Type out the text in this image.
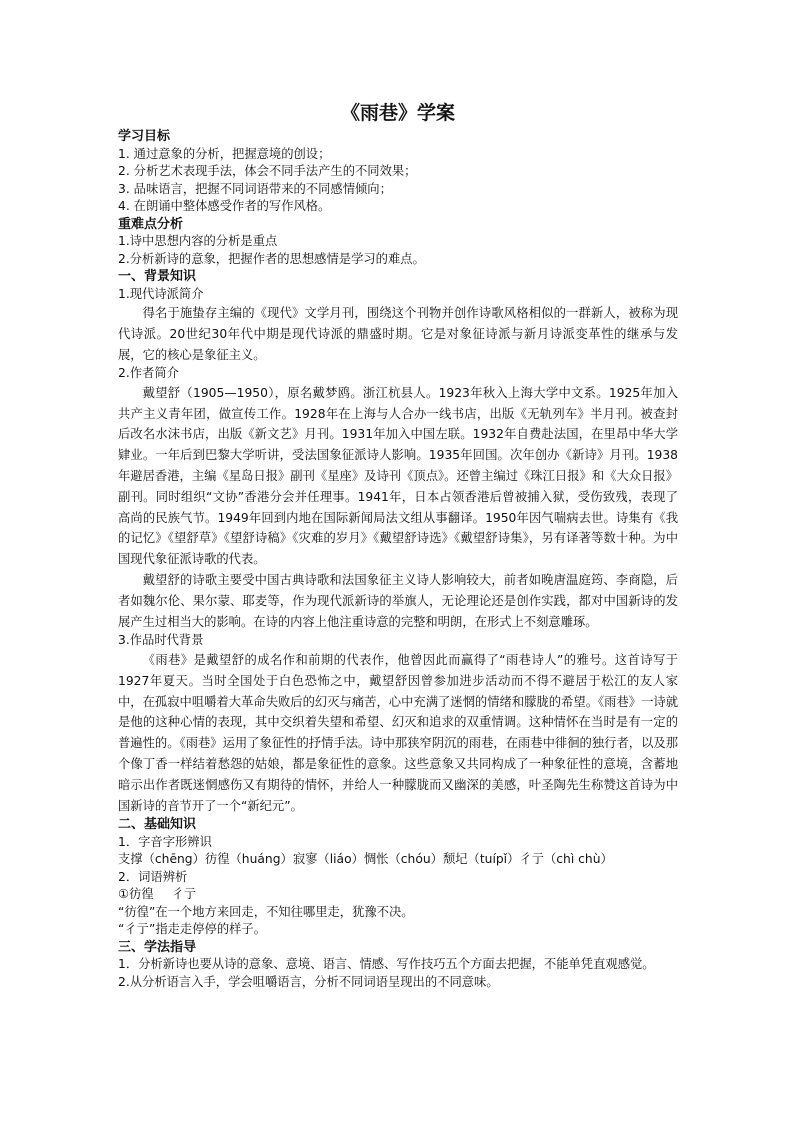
《雨巷》学案
学习目标
1. 通过意象的分析，把握意境的创设；
2. 分析艺术表现手法，体会不同手法产生的不同效果；
3. 品味语言，把握不同词语带来的不同感情倾向；
4. 在朗诵中整体感受作者的写作风格。
重难点分析
1.诗中思想内容的分析是重点
2.分析新诗的意象，把握作者的思想感情是学习的难点。
一、背景知识
1.现代诗派简介
得名于施蛰存主编的《现代》文学月刊，围绕这个刊物并创作诗歌风格相似的一群新人，被称为现代诗派。20世纪30年代中期是现代诗派的鼎盛时期。它是对象征诗派与新月诗派变革性的继承与发展，它的核心是象征主义。
2.作者简介
戴望舒（1905—1950），原名戴梦鸥。浙江杭县人。1923年秋入上海大学中文系。1925年加入共产主义青年团，做宣传工作。1928年在上海与人合办一线书店，出版《无轨列车》半月刊。被查封后改名水沫书店，出版《新文艺》月刊。1931年加入中国左联。1932年自费赴法国，在里昂中华大学肄业。一年后到巴黎大学听讲，受法国象征派诗人影响。1935年回国。次年创办《新诗》月刊。1938年避居香港，主编《星岛日报》副刊《星座》及诗刊《顶点》。还曾主编过《珠江日报》和《大众日报》副刊。同时组织“文协”香港分会并任理事。1941年，日本占领香港后曾被捕入狱，受伤致残，表现了高尚的民族气节。1949年回到内地在国际新闻局法文组从事翻译。1950年因气喘病去世。诗集有《我的记忆》《望舒草》《望舒诗稿》《灾难的岁月》《戴望舒诗选》《戴望舒诗集》，另有译著等数十种。为中国现代象征派诗歌的代表。
戴望舒的诗歌主要受中国古典诗歌和法国象征主义诗人影响较大，前者如晚唐温庭筠、李商隐，后者如魏尔伦、果尔蒙、耶麦等，作为现代派新诗的举旗人，无论理论还是创作实践，都对中国新诗的发展产生过相当大的影响。在诗的内容上他注重诗意的完整和明朗，在形式上不刻意雕琢。
3.作品时代背景
《雨巷》是戴望舒的成名作和前期的代表作，他曾因此而赢得了“雨巷诗人”的雅号。这首诗写于1927年夏天。当时全国处于白色恐怖之中，戴望舒因曾参加进步活动而不得不避居于松江的友人家中，在孤寂中咀嚼着大革命失败后的幻灭与痛苦，心中充满了迷惘的情绪和朦胧的希望。《雨巷》一诗就是他的这种心情的表现，其中交织着失望和希望、幻灭和追求的双重情调。这种情怀在当时是有一定的普遍性的。《雨巷》运用了象征性的抒情手法。诗中那狭窄阴沉的雨巷，在雨巷中徘徊的独行者，以及那个像丁香一样结着愁怨的姑娘，都是象征性的意象。这些意象又共同构成了一种象征性的意境，含蓄地暗示出作者既迷惘感伤又有期待的情怀，并给人一种朦胧而又幽深的美感，叶圣陶先生称赞这首诗为中国新诗的音节开了一个“新纪元”。
二、基础知识
1．字音字形辨识
支撑（chēng）彷徨（huáng）寂寥（liáo）惆怅（chóu）颓圮（tuípǐ）彳亍（chì chù）
2．词语辨析
①彷徨 彳亍
“彷徨”在一个地方来回走，不知往哪里走，犹豫不决。
“彳亍”指走走停停的样子。
三、学法指导
1．分析新诗也要从诗的意象、意境、语言、情感、写作技巧五个方面去把握，不能单凭直观感觉。
2.从分析语言入手，学会咀嚼语言，分析不同词语呈现出的不同意味。
